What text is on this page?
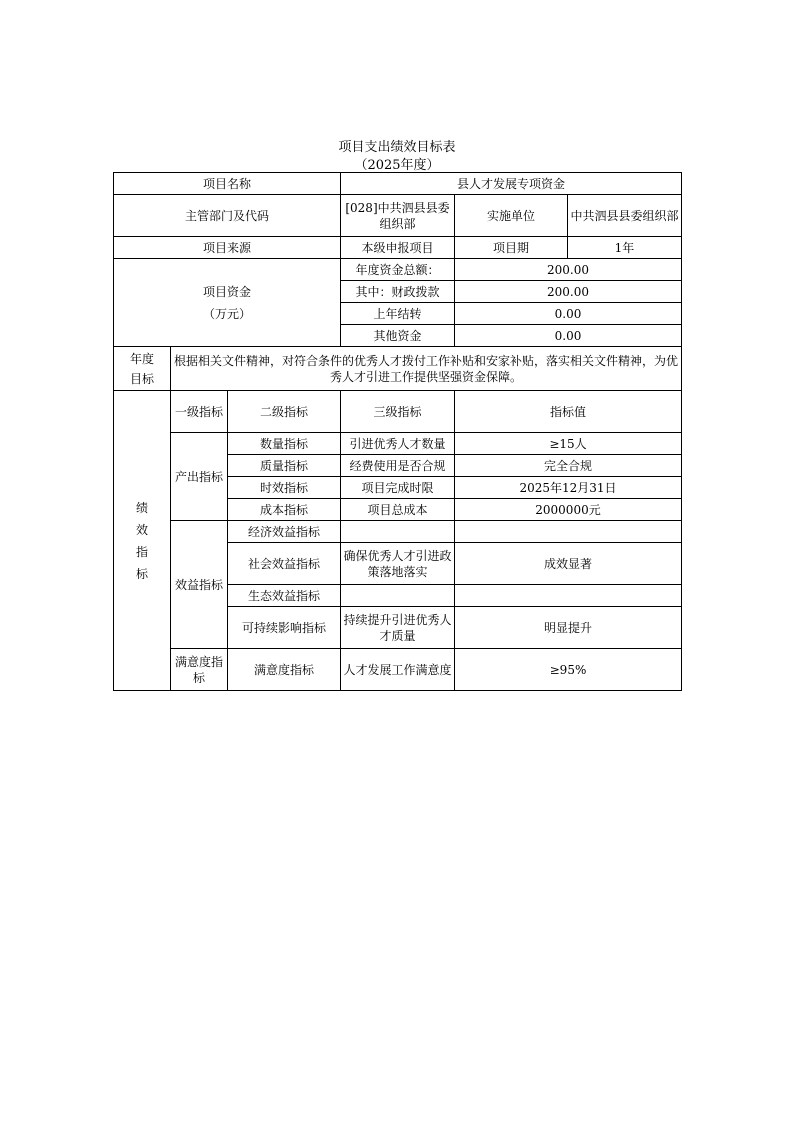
项目支出绩效目标表
（2025年度）
项目名称			县人才发展专项资金		
主管部门及代码			[028]中共泗县县委组织部	实施单位	中共泗县县委组织部
项目来源			本级申报项目	项目期	1年

项目资金
（万元）			年度资金总额：	200.00	
			其中：财政拨款	200.00	
			上年结转	0.00	
			其他资金	0.00	

年度
目标	根据相关文件精神，对符合条件的优秀人才拨付工作补贴和安家补贴，落实相关文件精神，为优秀人才引进工作提供坚强资金保障。				

绩
效
指
标	一级指标	二级指标	三级指标	指标值	
	产出指标	数量指标	引进优秀人才数量	≥15人	
		质量指标	经费使用是否合规	完全合规	
		时效指标	项目完成时限	2025年12月31日	
		成本指标	项目总成本	2000000元	
	效益指标	经济效益指标			
		社会效益指标	确保优秀人才引进政策落地落实	成效显著	
		生态效益指标			
		可持续影响指标	持续提升引进优秀人才质量	明显提升	
	满意度指标	满意度指标	人才发展工作满意度	≥95%	
